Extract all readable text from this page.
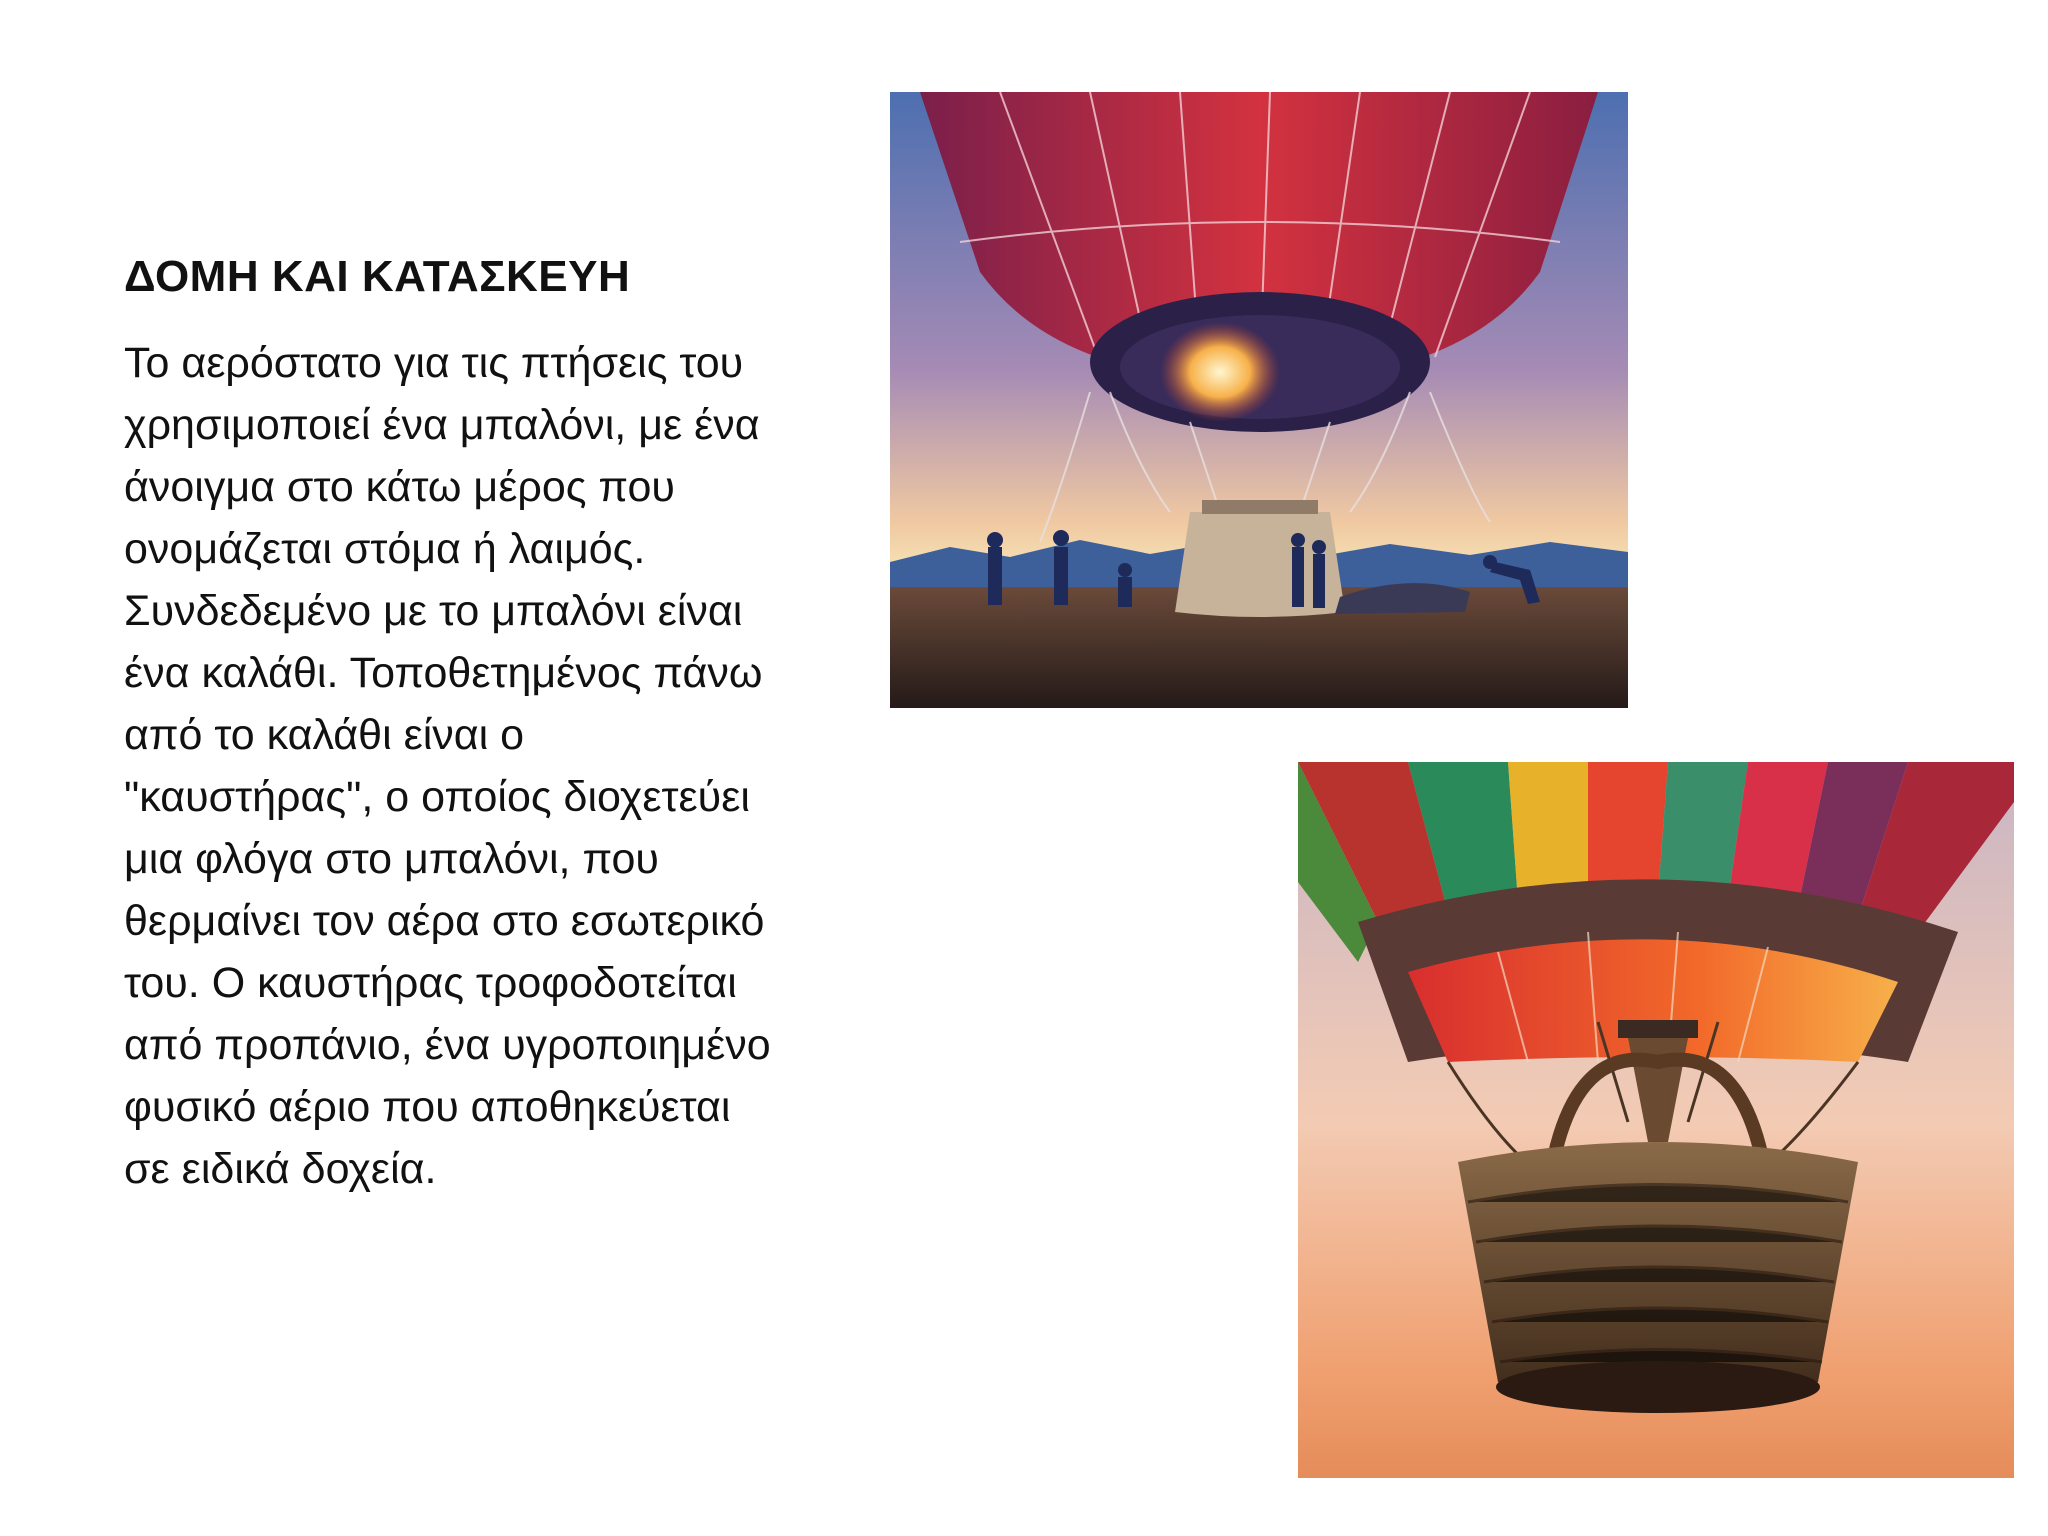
ΔΟΜΗ ΚΑΙ ΚΑΤΑΣΚΕΥΗ

Το αερόστατο για τις πτήσεις του χρησιμοποιεί ένα μπαλόνι, με ένα άνοιγμα στο κάτω μέρος που ονομάζεται στόμα ή λαιμός. Συνδεδεμένο με το μπαλόνι είναι ένα καλάθι. Τοποθετημένος πάνω από το καλάθι είναι ο "καυστήρας", ο οποίος διοχετεύει μια φλόγα στο μπαλόνι, που θερμαίνει τον αέρα στο εσωτερικό του. Ο καυστήρας τροφοδοτείται από προπάνιο, ένα υγροποιημένο φυσικό αέριο που αποθηκεύεται σε ειδικά δοχεία.
